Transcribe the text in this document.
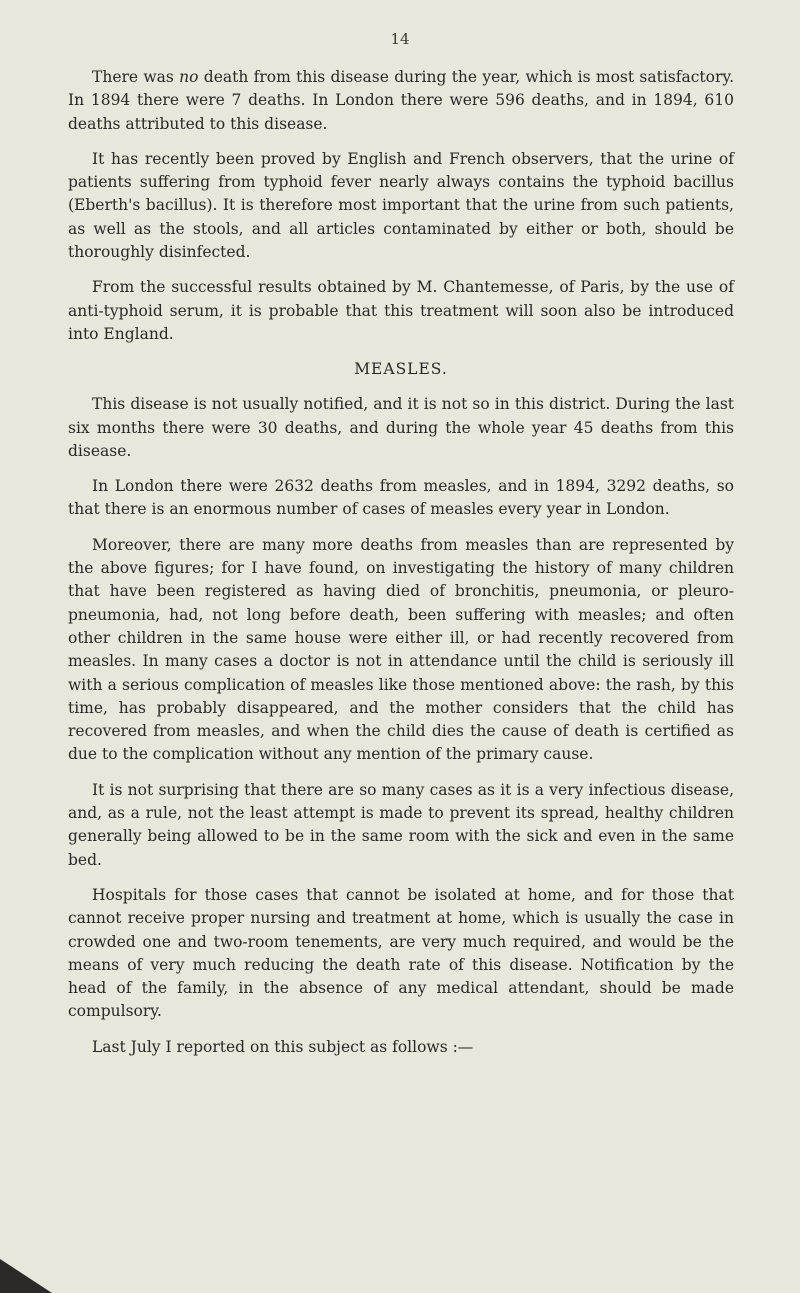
14

There was no death from this disease during the year, which is most satisfactory. In 1894 there were 7 deaths. In London there were 596 deaths, and in 1894, 610 deaths attributed to this disease.

It has recently been proved by English and French observers, that the urine of patients suffering from typhoid fever nearly always contains the typhoid bacillus (Eberth's bacillus). It is therefore most important that the urine from such patients, as well as the stools, and all articles contaminated by either or both, should be thoroughly disinfected.

From the successful results obtained by M. Chantemesse, of Paris, by the use of anti-typhoid serum, it is probable that this treatment will soon also be introduced into England.

MEASLES.

This disease is not usually notified, and it is not so in this district. During the last six months there were 30 deaths, and during the whole year 45 deaths from this disease.

In London there were 2632 deaths from measles, and in 1894, 3292 deaths, so that there is an enormous number of cases of measles every year in London.

Moreover, there are many more deaths from measles than are represented by the above figures; for I have found, on investigating the history of many children that have been registered as having died of bronchitis, pneumonia, or pleuro-pneumonia, had, not long before death, been suffering with measles; and often other children in the same house were either ill, or had recently recovered from measles. In many cases a doctor is not in attendance until the child is seriously ill with a serious complication of measles like those mentioned above: the rash, by this time, has probably disappeared, and the mother considers that the child has recovered from measles, and when the child dies the cause of death is certified as due to the complication without any mention of the primary cause.

It is not surprising that there are so many cases as it is a very infectious disease, and, as a rule, not the least attempt is made to prevent its spread, healthy children generally being allowed to be in the same room with the sick and even in the same bed.

Hospitals for those cases that cannot be isolated at home, and for those that cannot receive proper nursing and treatment at home, which is usually the case in crowded one and two-room tenements, are very much required, and would be the means of very much reducing the death rate of this disease. Notification by the head of the family, in the absence of any medical attendant, should be made compulsory.

Last July I reported on this subject as follows :—
